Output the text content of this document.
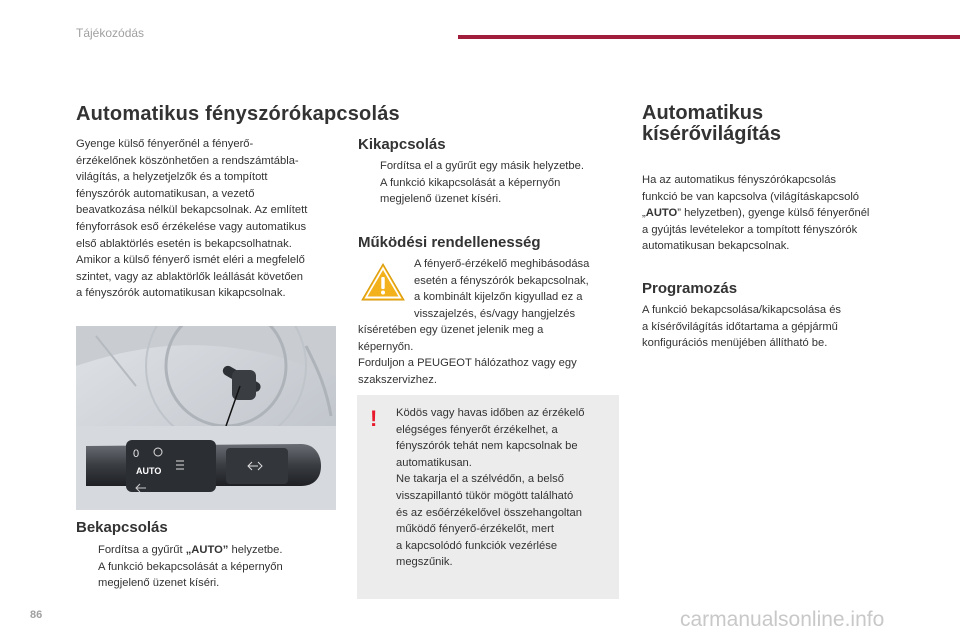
Tájékozódás
Automatikus fényszórókapcsolás
Gyenge külső fényerőnél a fényerő-
érzékelőnek köszönhetően a rendszámtábla-
világítás, a helyzetjelzők és a tompított
fényszórók automatikusan, a vezető
beavatkozása nélkül bekapcsolnak. Az említett
fényforrások eső érzékelése vagy automatikus
első ablaktörlés esetén is bekapcsolhatnak.
Amikor a külső fényerő ismét eléri a megfelelő
szintet, vagy az ablaktörlők leállását követően
a fényszórók automatikusan kikapcsolnak.
0
AUTO
Bekapcsolás
Fordítsa a gyűrűt „AUTO” helyzetbe.
A funkció bekapcsolását a képernyőn
megjelenő üzenet kíséri.
Kikapcsolás
Fordítsa el a gyűrűt egy másik helyzetbe.
A funkció kikapcsolását a képernyőn
megjelenő üzenet kíséri.
Működési rendellenesség
A fényerő-érzékelő meghibásodása
esetén a fényszórók bekapcsolnak,
a kombinált kijelzőn kigyullad ez a
visszajelzés, és/vagy hangjelzés
kíséretében egy üzenet jelenik meg a
képernyőn.
Forduljon a PEUGEOT hálózathoz vagy egy
szakszervizhez.
! Ködös vagy havas időben az érzékelő
elégséges fényerőt érzékelhet, a
fényszórók tehát nem kapcsolnak be
automatikusan.
Ne takarja el a szélvédőn, a belső
visszapillantó tükör mögött található
és az esőérzékelővel összehangoltan
működő fényerő-érzékelőt, mert
a kapcsolódó funkciók vezérlése
megszűnik.
Automatikus
kísérővilágítás
Ha az automatikus fényszórókapcsolás
funkció be van kapcsolva (világításkapcsoló
„AUTO” helyzetben), gyenge külső fényerőnél
a gyújtás levételekor a tompított fényszórók
automatikusan bekapcsolnak.
Programozás
A funkció bekapcsolása/kikapcsolása és
a kísérővilágítás időtartama a gépjármű
konfigurációs menüjében állítható be.
86	carmanualsonline.info
